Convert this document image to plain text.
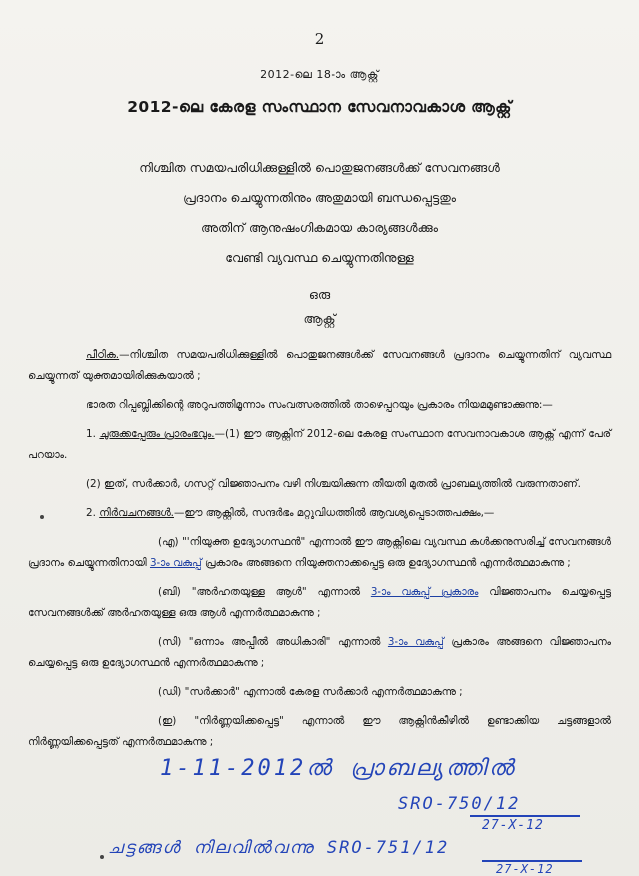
2
2012-ലെ 18-ാം ആക്റ്റ്
2012-ലെ കേരള സംസ്ഥാന സേവനാവകാശ ആക്റ്റ്
നിശ്ചിത സമയപരിധിക്കുള്ളിൽ പൊതുജനങ്ങൾക്ക് സേവനങ്ങൾ
പ്രദാനം ചെയ്യുന്നതിനും അതുമായി ബന്ധപ്പെട്ടതും
അതിന് ആനുഷംഗികമായ കാര്യങ്ങൾക്കും
വേണ്ടി വ്യവസ്ഥ ചെയ്യുന്നതിനുള്ള
ഒരു
ആക്റ്റ്

പീഠിക.—നിശ്ചിത സമയപരിധിക്കുള്ളിൽ പൊതുജനങ്ങൾക്ക് സേവനങ്ങൾ പ്രദാനം ചെയ്യുന്നതിന് വ്യവസ്ഥ ചെയ്യുന്നത് യുക്തമായിരിക്കുകയാൽ ;

ഭാരത റിപ്പബ്ലിക്കിന്റെ അറുപത്തിമൂന്നാം സംവത്സരത്തിൽ താഴെപ്പറയും പ്രകാരം നിയമമുണ്ടാക്കുന്നു:—

1. ചുരുക്കപ്പേരും പ്രാരംഭവും.—(1) ഈ ആക്റ്റിന് 2012-ലെ കേരള സംസ്ഥാന സേവനാവകാശ ആക്റ്റ് എന്ന് പേര് പറയാം.

(2) ഇത്, സർക്കാർ, ഗസറ്റ് വിജ്ഞാപനം വഴി നിശ്ചയിക്കുന്ന തീയതി മുതൽ പ്രാബല്യത്തിൽ വരുന്നതാണ്.

2. നിർവചനങ്ങൾ.—ഈ ആക്റ്റിൽ, സന്ദർഭം മറ്റുവിധത്തിൽ ആവശ്യപ്പെടാത്തപക്ഷം,—

(എ) "'നിയുക്ത ഉദ്യോഗസ്ഥൻ" എന്നാൽ ഈ ആക്റ്റിലെ വ്യവസ്ഥ കൾക്കനുസരിച്ച് സേവനങ്ങൾ പ്രദാനം ചെയ്യുന്നതിനായി 3-ാം വകുപ്പ് പ്രകാരം അങ്ങനെ നിയുക്തനാക്കപ്പെട്ട ഒരു ഉദ്യോഗസ്ഥൻ എന്നർത്ഥമാകുന്നു ;

(ബി) "അർഹതയുള്ള ആൾ" എന്നാൽ 3-ാം വകുപ്പ് പ്രകാരം വിജ്ഞാപനം ചെയ്യപ്പെട്ട സേവനങ്ങൾക്ക് അർഹതയുള്ള ഒരു ആൾ എന്നർത്ഥമാകുന്നു ;

(സി) "ഒന്നാം അപ്പീൽ അധികാരി" എന്നാൽ 3-ാം വകുപ്പ് പ്രകാരം അങ്ങനെ വിജ്ഞാപനം ചെയ്യപ്പെട്ട ഒരു ഉദ്യോഗസ്ഥൻ എന്നർത്ഥമാകുന്നു ;

(ഡി) "സർക്കാർ" എന്നാൽ കേരള സർക്കാർ എന്നർത്ഥമാകുന്നു ;

(ഇ) "നിർണ്ണയിക്കപ്പെട്ട" എന്നാൽ ഈ ആക്റ്റിൻകീഴിൽ ഉണ്ടാക്കിയ ചട്ടങ്ങളാൽ നിർണ്ണയിക്കപ്പെട്ടത് എന്നർത്ഥമാകുന്നു ;

1-11-2012ൽ പ്രാബല്യത്തിൽ
SRO-750/12
27-X-12
ചട്ടങ്ങൾ നിലവിൽവന്നു SRO-751/12
27-X-12
